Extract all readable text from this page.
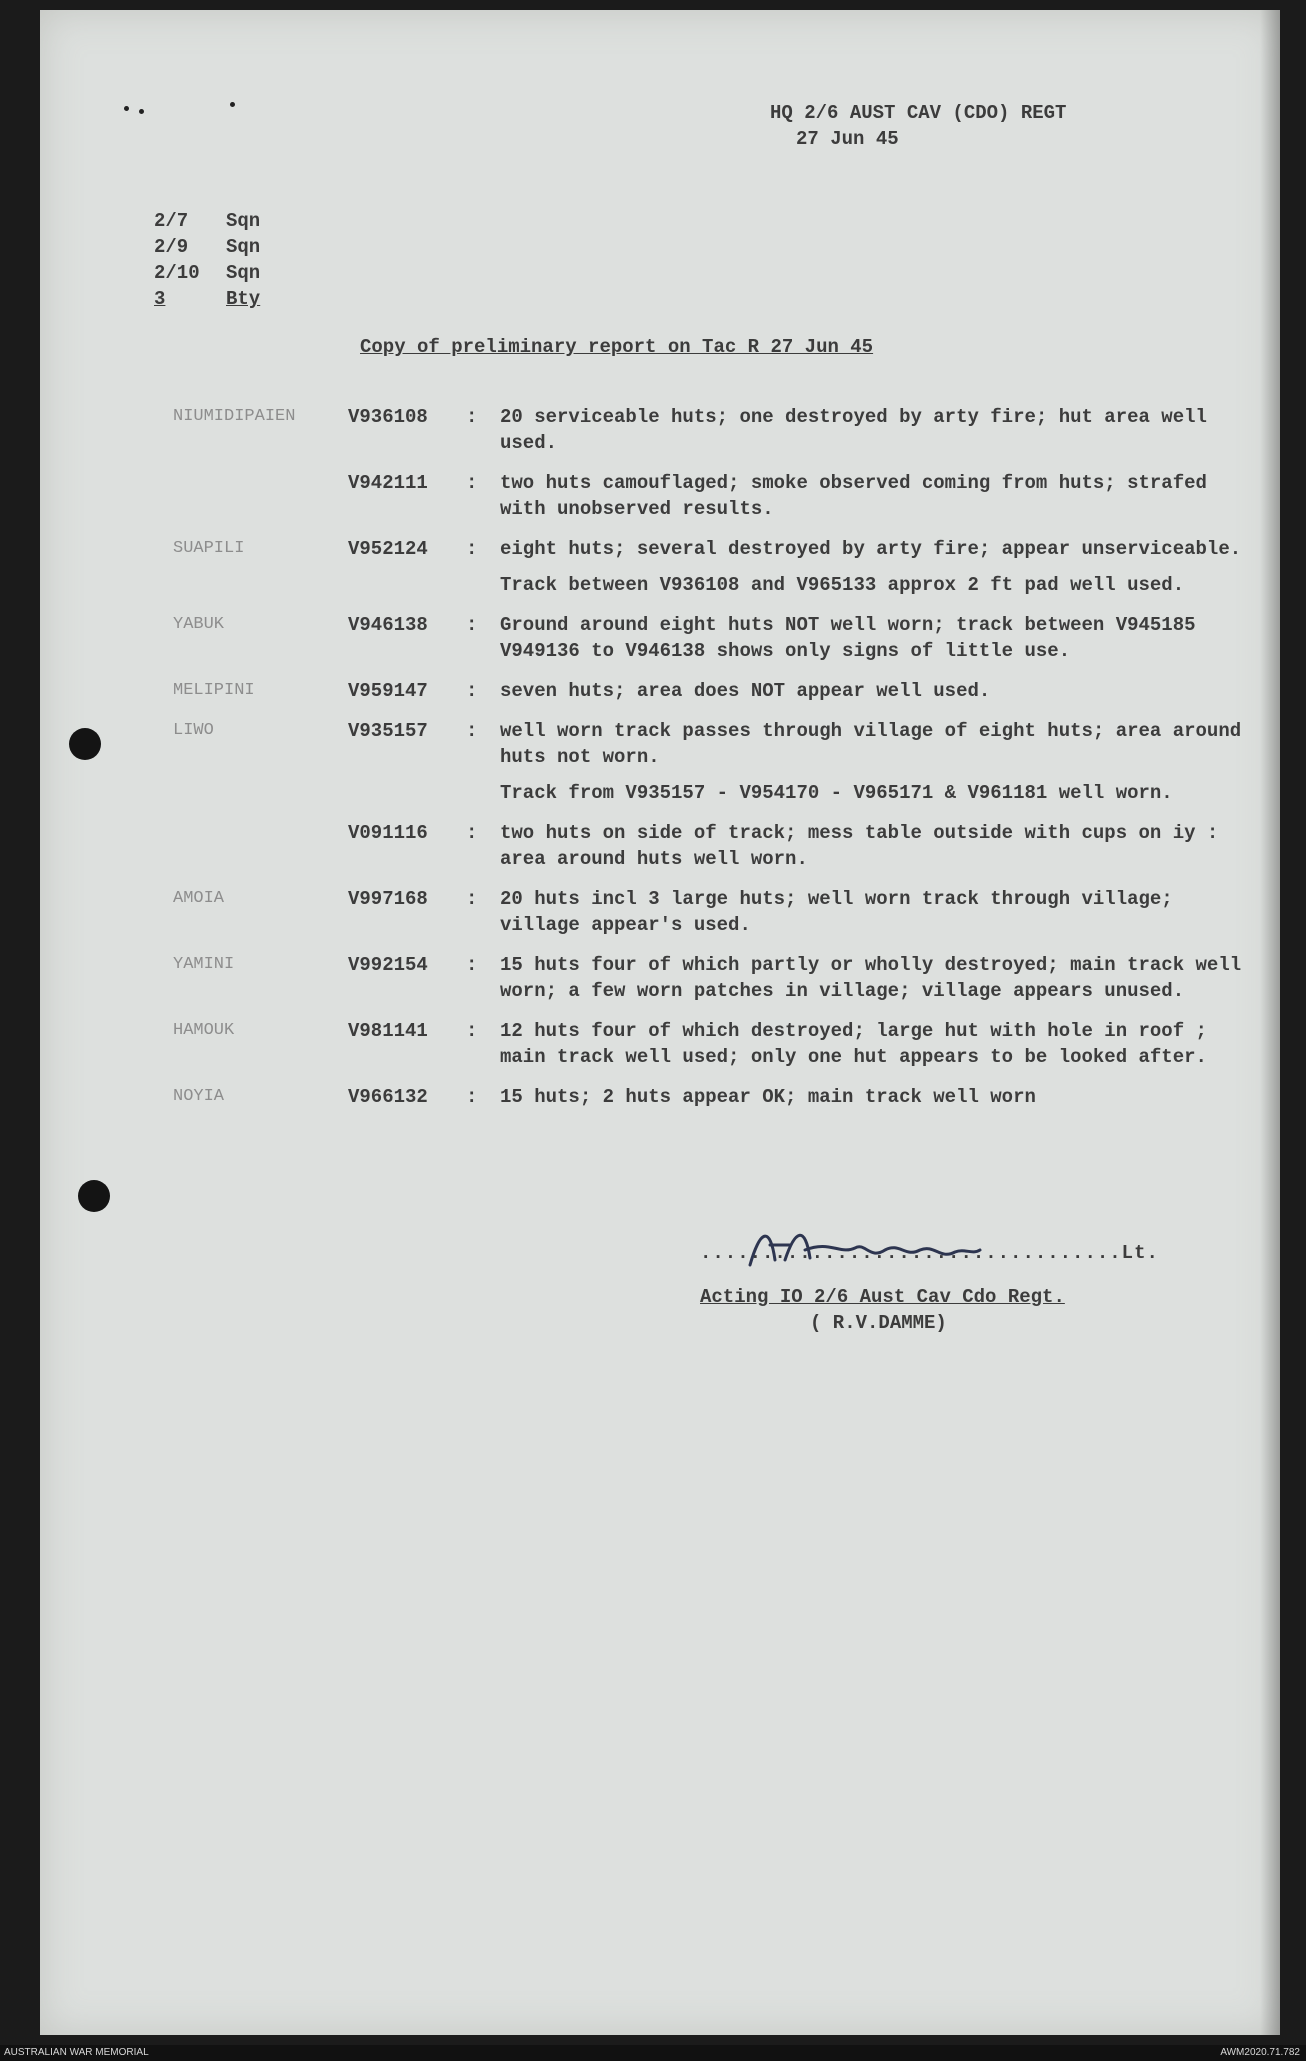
HQ 2/6 AUST CAV (CDO) REGT
27 Jun 45
2/7	Sqn
2/9	Sqn
2/10	Sqn
3	Bty
Copy of preliminary report on Tac R 27 Jun 45
NIUMIDIPAIEN	V936108	:	20 serviceable huts; one destroyed by arty fire; hut area well used.

V942111	:	two huts camouflaged; smoke observed coming from huts; strafed with unobserved results.

SUAPILI	V952124	:	eight huts; several destroyed by arty fire; appear unserviceable.

Track between V936108 and V965133 approx 2 ft pad well used.

YABUK	V946138	:	Ground around eight huts NOT well worn; track between V945185 V949136 to V946138 shows only signs of little use.

MELIPINI	V959147	:	seven huts; area does NOT appear well used.

LIWO	V935157	:	well worn track passes through village of eight huts; area around huts not worn.

Track from V935157 - V954170 - V965171 & V961181 well worn.

V091116	:	two huts on side of track; mess table outside with cups on iy : area around huts well worn.

AMOIA	V997168	:	20 huts incl 3 large huts; well worn track through village; village appear's used.

YAMINI	V992154	:	15 huts four of which partly or wholly destroyed; main track well worn; a few worn patches in village; village appears unused.

HAMOUK	V981141	:	12 huts four of which destroyed; large hut with hole in roof ; main track well used; only one hut appears to be looked after.

NOYIA	V966132	:	15 huts; 2 huts appear OK; main track well worn

..................................Lt.
Acting IO 2/6 Aust Cav Cdo Regt.
( R.V.DAMME)
AUSTRALIAN WAR MEMORIAL	AWM2020.71.782
